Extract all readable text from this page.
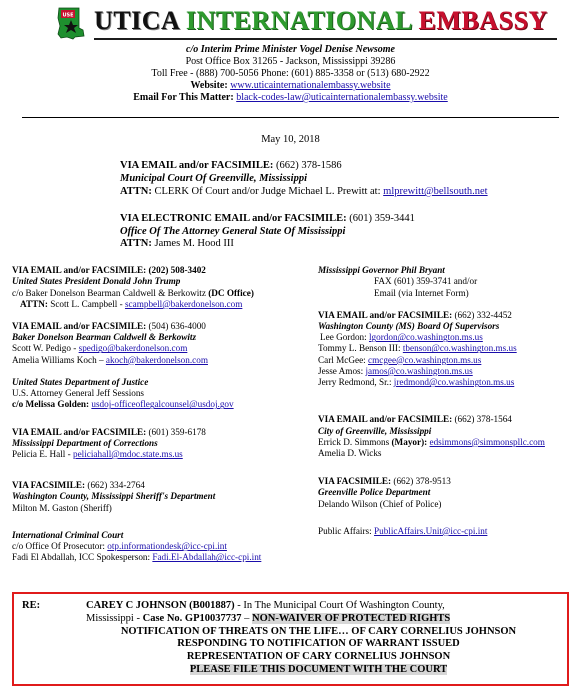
USE UTICA INTERNATIONAL EMBASSY
c/o Interim Prime Minister Vogel Denise Newsome
Post Office Box 31265 - Jackson, Mississippi 39286
Toll Free - (888) 700-5056 Phone: (601) 885-3358 or (513) 680-2922
Website: www.uticainternationalembassy.website
Email For This Matter: black-codes-law@uticainternationalembassy.website
May 10, 2018
VIA EMAIL and/or FACSIMILE: (662) 378-1586
Municipal Court Of Greenville, Mississippi
ATTN: CLERK Of Court and/or Judge Michael L. Prewitt at: mlprewitt@bellsouth.net
VIA ELECTRONIC EMAIL and/or FACSIMILE: (601) 359-3441
Office Of The Attorney General State Of Mississippi
ATTN: James M. Hood III
VIA EMAIL and/or FACSIMILE: (202) 508-3402
United States President Donald John Trump
c/o Baker Donelson Bearman Caldwell & Berkowitz (DC Office)
ATTN: Scott L. Campbell - scampbell@bakerdonelson.com
VIA EMAIL and/or FACSIMILE: (504) 636-4000
Baker Donelson Bearman Caldwell & Berkowitz
Scott W. Pedigo - spedigo@bakerdonelson.com
Amelia Williams Koch – akoch@bakerdonelson.com
United States Department of Justice
U.S. Attorney General Jeff Sessions
c/o Melissa Golden: usdoj-officeoflegalcounsel@usdoj.gov
VIA EMAIL and/or FACSIMILE: (601) 359-6178
Mississippi Department of Corrections
Pelicia E. Hall - peliciahall@mdoc.state.ms.us
VIA FACSIMILE: (662) 334-2764
Washington County, Mississippi Sheriff's Department
Milton M. Gaston (Sheriff)
International Criminal Court
c/o Office Of Prosecutor: otp.informationdesk@icc-cpi.int
Fadi El Abdallah, ICC Spokesperson: Fadi.El-Abdallah@icc-cpi.int
Mississippi Governor Phil Bryant
FAX (601) 359-3741 and/or
Email (via Internet Form)
VIA EMAIL and/or FACSIMILE: (662) 332-4452
Washington County (MS) Board Of Supervisors
Lee Gordon: lgordon@co.washington.ms.us
Tommy L. Benson III: tbenson@co.washington.ms.us
Carl McGee: cmcgee@co.washington.ms.us
Jesse Amos: jamos@co.washington.ms.us
Jerry Redmond, Sr.: jredmond@co.washington.ms.us
VIA EMAIL and/or FACSIMILE: (662) 378-1564
City of Greenville, Mississippi
Errick D. Simmons (Mayor): edsimmons@simmonspllc.com
Amelia D. Wicks
VIA FACSIMILE: (662) 378-9513
Greenville Police Department
Delando Wilson (Chief of Police)
Public Affairs: PublicAffairs.Unit@icc-cpi.int
RE:	CAREY C JOHNSON (B001887) - In The Municipal Court Of Washington County,
Mississippi - Case No. GP10037737 – NON-WAIVER OF PROTECTED RIGHTS
NOTIFICATION OF THREATS ON THE LIFE… OF CARY CORNELIUS JOHNSON
RESPONDING TO NOTIFICATION OF WARRANT ISSUED
REPRESENTATION OF CARY CORNELIUS JOHNSON
PLEASE FILE THIS DOCUMENT WITH THE COURT
